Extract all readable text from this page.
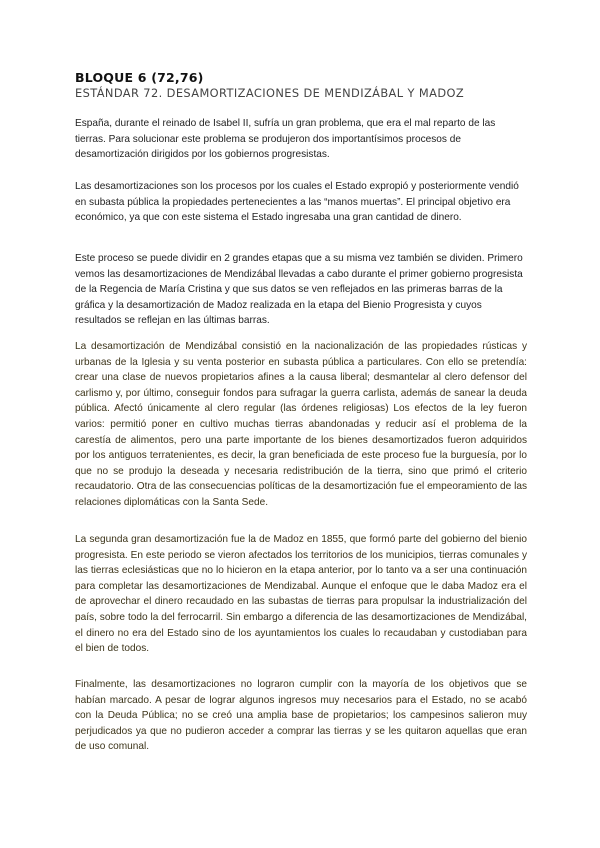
BLOQUE 6 (72,76)
ESTÁNDAR 72. DESAMORTIZACIONES DE MENDIZÁBAL Y MADOZ

España, durante el reinado de Isabel II, sufría un gran problema, que era el mal reparto de las tierras. Para solucionar este problema se produjeron dos importantísimos procesos de desamortización dirigidos por los gobiernos progresistas.

Las desamortizaciones son los procesos por los cuales el Estado expropió y posteriormente vendió en subasta pública la propiedades pertenecientes a las “manos muertas”. El principal objetivo era económico, ya que con este sistema el Estado ingresaba una gran cantidad de dinero.

Este proceso se puede dividir en 2 grandes etapas que a su misma vez también se dividen. Primero vemos las desamortizaciones de Mendizábal llevadas a cabo durante el primer gobierno progresista de la Regencia de María Cristina y que sus datos se ven reflejados en las primeras barras de la gráfica y la desamortización de Madoz realizada en la etapa del Bienio Progresista y cuyos resultados se reflejan en las últimas barras.

La desamortización de Mendizábal consistió en la nacionalización de las propiedades rústicas y urbanas de la Iglesia y su venta posterior en subasta pública a particulares. Con ello se pretendía: crear una clase de nuevos propietarios afines a la causa liberal; desmantelar al clero defensor del carlismo y, por último, conseguir fondos para sufragar la guerra carlista, además de sanear la deuda pública. Afectó únicamente al clero regular (las órdenes religiosas) Los efectos de la ley fueron varios: permitió poner en cultivo muchas tierras abandonadas y reducir así el problema de la carestía de alimentos, pero una parte importante de los bienes desamortizados fueron adquiridos por los antiguos terratenientes, es decir, la gran beneficiada de este proceso fue la burguesía, por lo que no se produjo la deseada y necesaria redistribución de la tierra, sino que primó el criterio recaudatorio. Otra de las consecuencias políticas de la desamortización fue el empeoramiento de las relaciones diplomáticas con la Santa Sede.

La segunda gran desamortización fue la de Madoz en 1855, que formó parte del gobierno del bienio progresista. En este periodo se vieron afectados los territorios de los municipios, tierras comunales y las tierras eclesiásticas que no lo hicieron en la etapa anterior, por lo tanto va a ser una continuación para completar las desamortizaciones de Mendizabal. Aunque el enfoque que le daba Madoz era el de aprovechar el dinero recaudado en las subastas de tierras para propulsar la industrialización del país, sobre todo la del ferrocarril. Sin embargo a diferencia de las desamortizaciones de Mendizábal, el dinero no era del Estado sino de los ayuntamientos los cuales lo recaudaban y custodiaban para el bien de todos.

Finalmente, las desamortizaciones no lograron cumplir con la mayoría de los objetivos que se habían marcado. A pesar de lograr algunos ingresos muy necesarios para el Estado, no se acabó con la Deuda Pública; no se creó una amplia base de propietarios; los campesinos salieron muy perjudicados ya que no pudieron acceder a comprar las tierras y se les quitaron aquellas que eran de uso comunal.
